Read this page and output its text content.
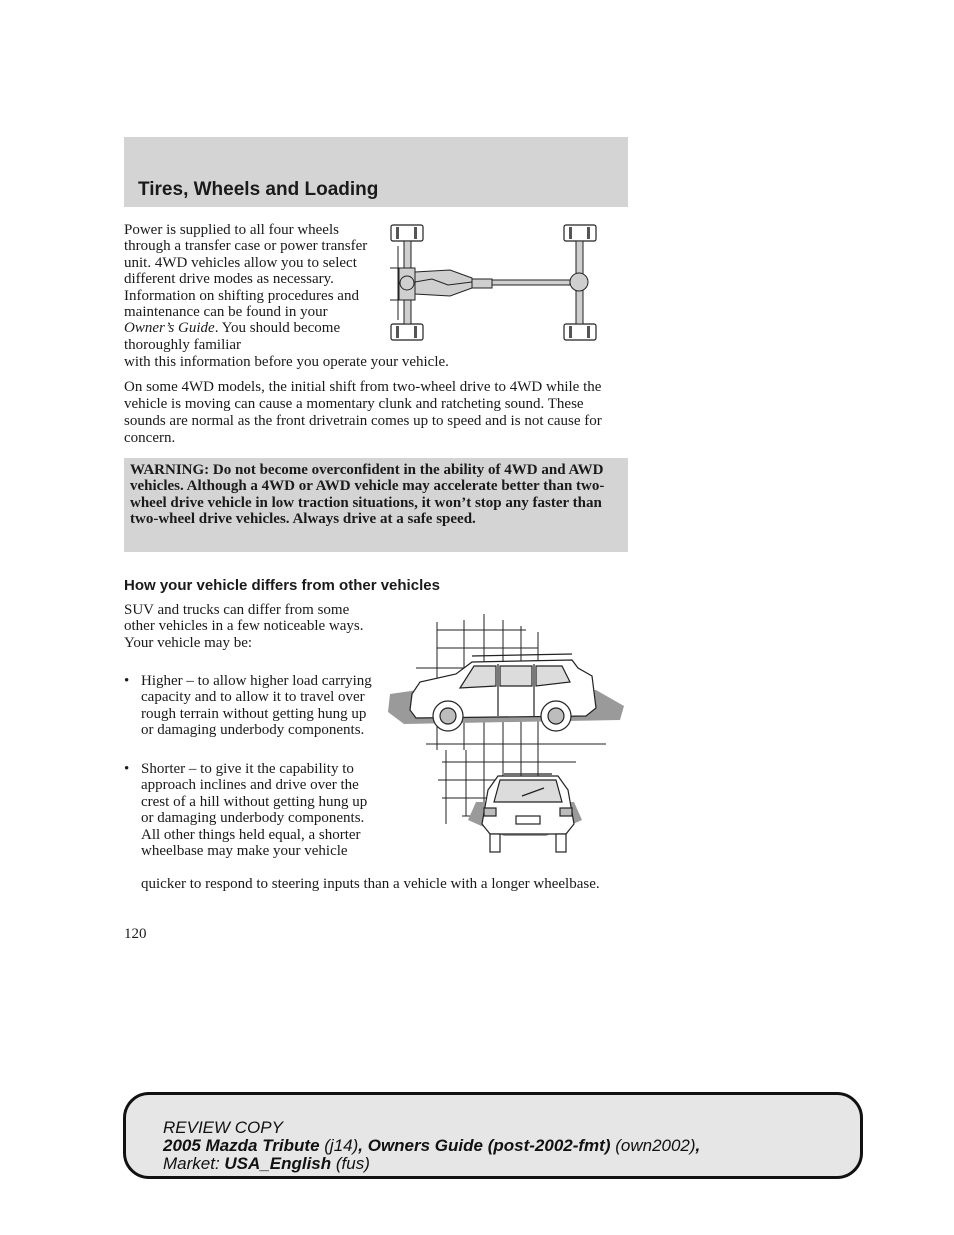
Tires, Wheels and Loading

Power is supplied to all four wheels through a transfer case or power transfer unit. 4WD vehicles allow you to select different drive modes as necessary. Information on shifting procedures and maintenance can be found in your Owner’s Guide. You should become thoroughly familiar

with this information before you operate your vehicle.

On some 4WD models, the initial shift from two-wheel drive to 4WD while the vehicle is moving can cause a momentary clunk and ratcheting sound. These sounds are normal as the front drivetrain comes up to speed and is not cause for concern.

WARNING: Do not become overconfident in the ability of 4WD and AWD vehicles. Although a 4WD or AWD vehicle may accelerate better than two-wheel drive vehicle in low traction situations, it won’t stop any faster than two-wheel drive vehicles. Always drive at a safe speed.

How your vehicle differs from other vehicles

SUV and trucks can differ from some other vehicles in a few noticeable ways. Your vehicle may be:

• Higher – to allow higher load carrying capacity and to allow it to travel over rough terrain without getting hung up or damaging underbody components.

• Shorter – to give it the capability to approach inclines and drive over the crest of a hill without getting hung up or damaging underbody components. All other things held equal, a shorter wheelbase may make your vehicle

quicker to respond to steering inputs than a vehicle with a longer wheelbase.

120
REVIEW COPY
2005 Mazda Tribute (j14), Owners Guide (post-2002-fmt) (own2002),
Market: USA_English (fus)
